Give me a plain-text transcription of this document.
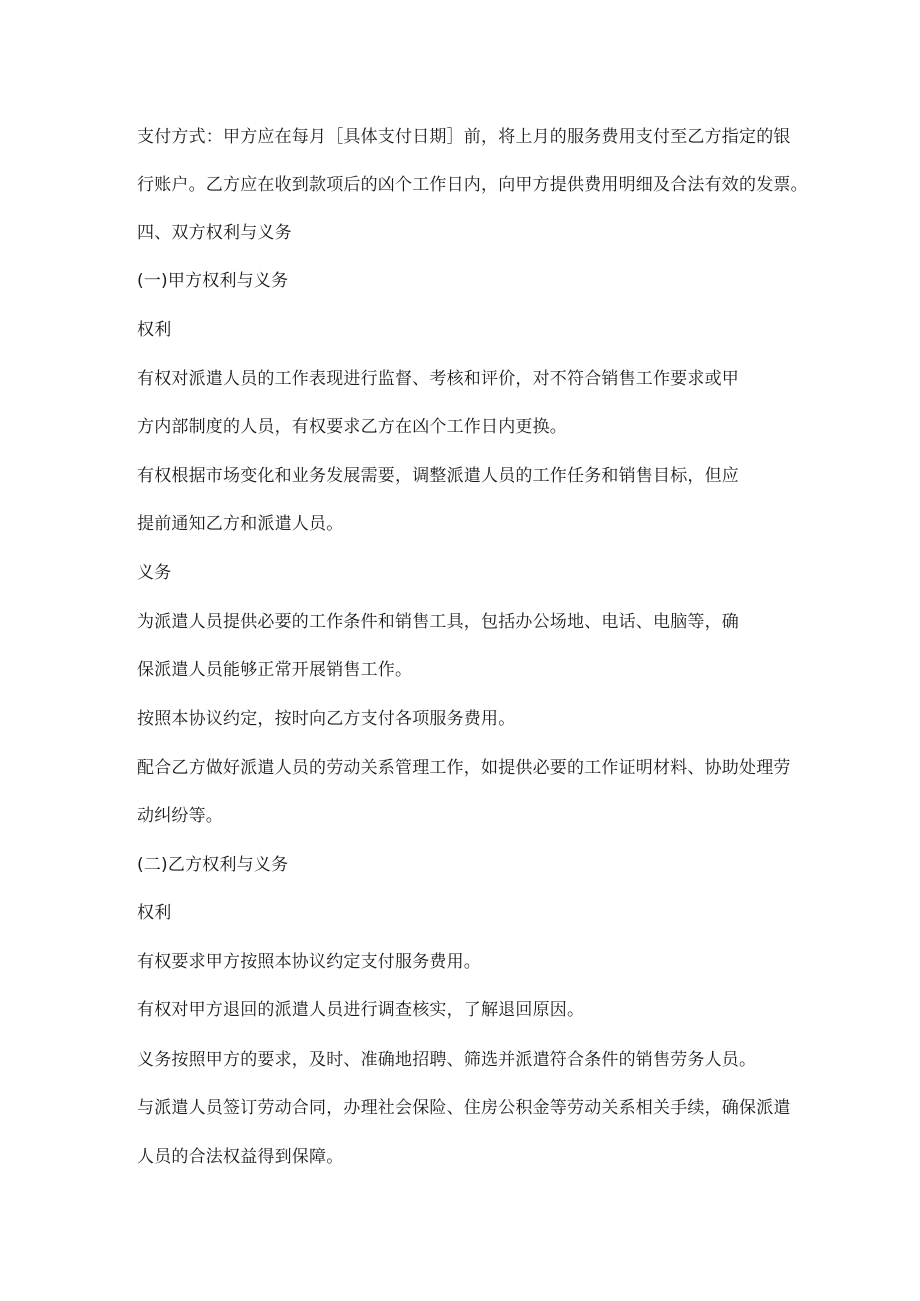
支付方式：甲方应在每月［具体支付日期］前，将上月的服务费用支付至乙方指定的银
行账户。乙方应在收到款项后的凶个工作日内，向甲方提供费用明细及合法有效的发票。
四、双方权利与义务
(一)甲方权利与义务
权利
有权对派遣人员的工作表现进行监督、考核和评价，对不符合销售工作要求或甲
方内部制度的人员，有权要求乙方在凶个工作日内更换。
有权根据市场变化和业务发展需要，调整派遣人员的工作任务和销售目标，但应
提前通知乙方和派遣人员。
义务
为派遣人员提供必要的工作条件和销售工具，包括办公场地、电话、电脑等，确
保派遣人员能够正常开展销售工作。
按照本协议约定，按时向乙方支付各项服务费用。
配合乙方做好派遣人员的劳动关系管理工作，如提供必要的工作证明材料、协助处理劳
动纠纷等。
(二)乙方权利与义务
权利
有权要求甲方按照本协议约定支付服务费用。
有权对甲方退回的派遣人员进行调查核实，了解退回原因。
义务按照甲方的要求，及时、准确地招聘、筛选并派遣符合条件的销售劳务人员。
与派遣人员签订劳动合同，办理社会保险、住房公积金等劳动关系相关手续，确保派遣
人员的合法权益得到保障。
